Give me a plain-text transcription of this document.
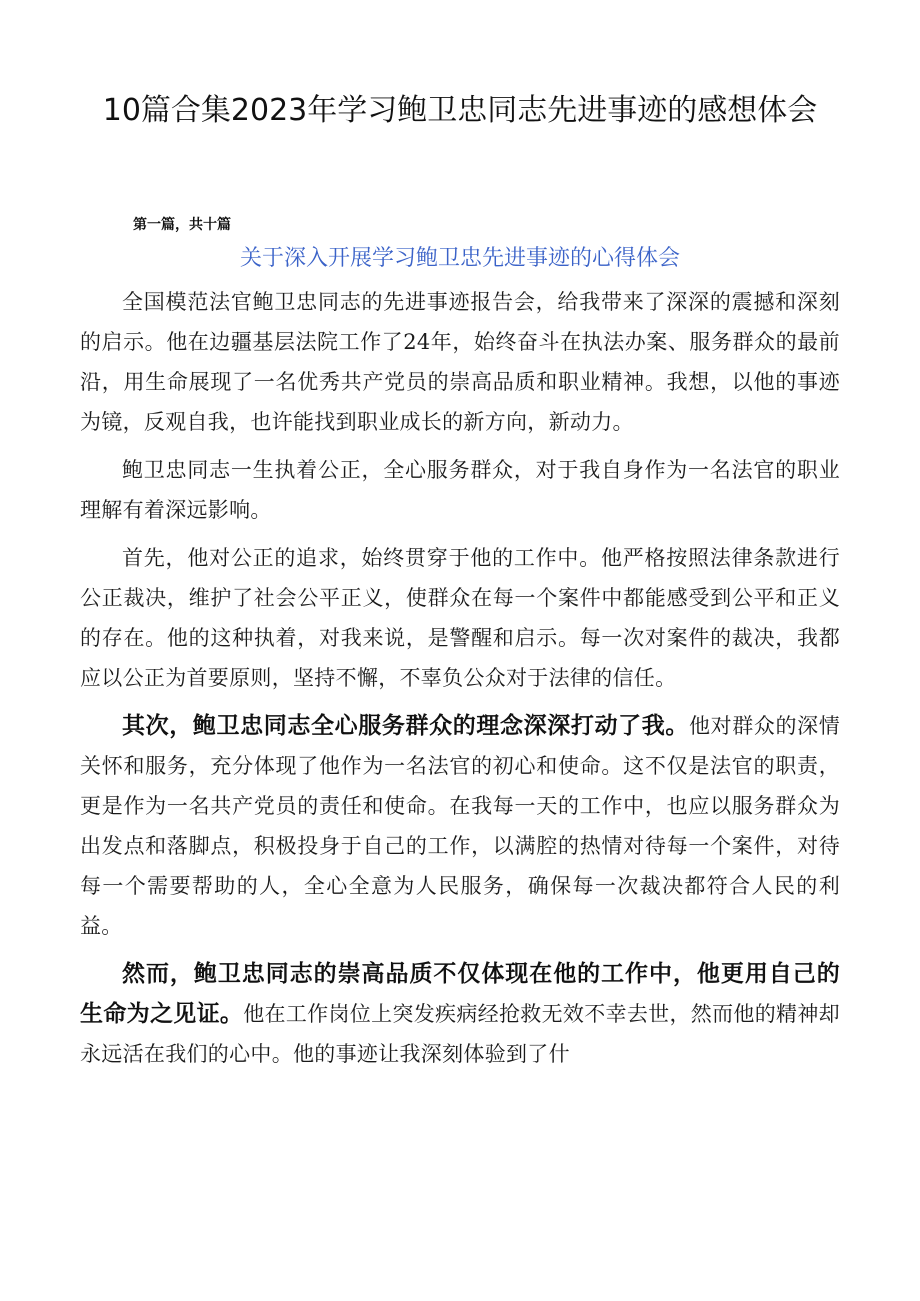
10篇合集2023年学习鲍卫忠同志先进事迹的感想体会
第一篇，共十篇
关于深入开展学习鲍卫忠先进事迹的心得体会

全国模范法官鲍卫忠同志的先进事迹报告会，给我带来了深深的震撼和深刻的启示。他在边疆基层法院工作了24年，始终奋斗在执法办案、服务群众的最前沿，用生命展现了一名优秀共产党员的崇高品质和职业精神。我想，以他的事迹为镜，反观自我，也许能找到职业成长的新方向，新动力。

鲍卫忠同志一生执着公正，全心服务群众，对于我自身作为一名法官的职业理解有着深远影响。

首先，他对公正的追求，始终贯穿于他的工作中。他严格按照法律条款进行公正裁决，维护了社会公平正义，使群众在每一个案件中都能感受到公平和正义的存在。他的这种执着，对我来说，是警醒和启示。每一次对案件的裁决，我都应以公正为首要原则，坚持不懈，不辜负公众对于法律的信任。

其次，鲍卫忠同志全心服务群众的理念深深打动了我。他对群众的深情关怀和服务，充分体现了他作为一名法官的初心和使命。这不仅是法官的职责，更是作为一名共产党员的责任和使命。在我每一天的工作中，也应以服务群众为出发点和落脚点，积极投身于自己的工作，以满腔的热情对待每一个案件，对待每一个需要帮助的人，全心全意为人民服务，确保每一次裁决都符合人民的利益。

然而，鲍卫忠同志的崇高品质不仅体现在他的工作中，他更用自己的生命为之见证。他在工作岗位上突发疾病经抢救无效不幸去世，然而他的精神却永远活在我们的心中。他的事迹让我深刻体验到了什
